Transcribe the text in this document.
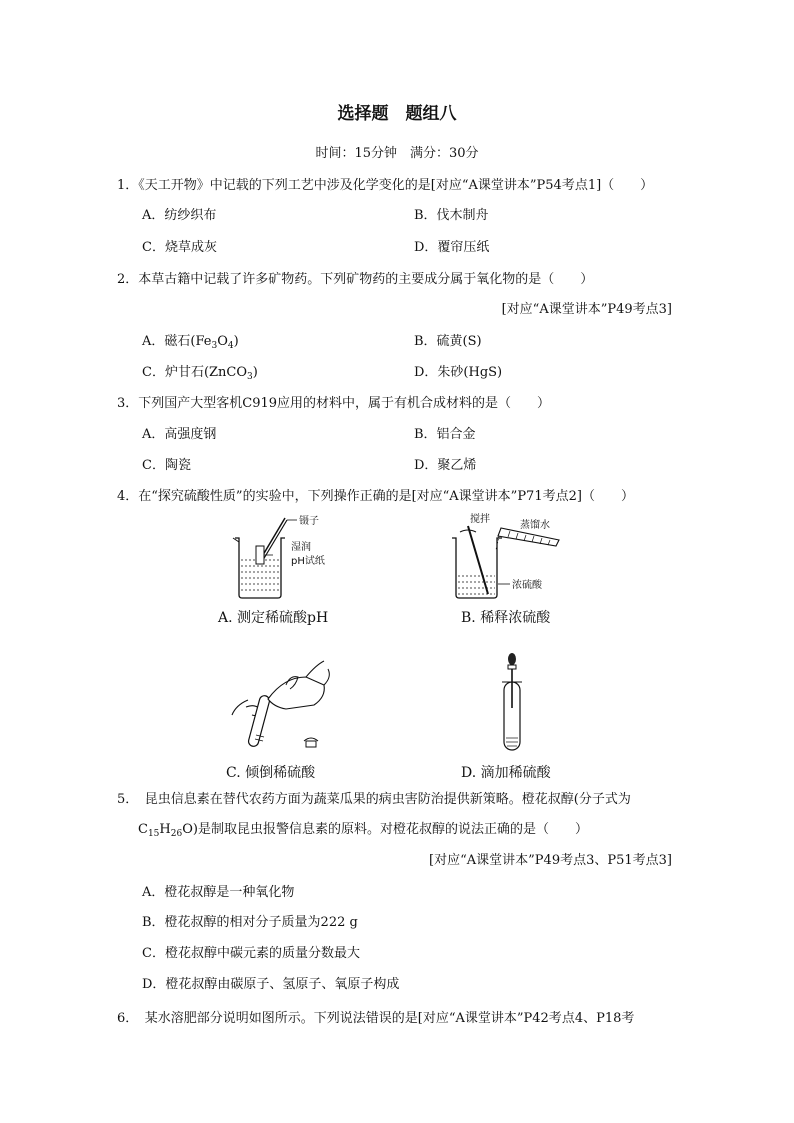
选择题　题组八
时间：15分钟　满分：30分
1．《天工开物》中记载的下列工艺中涉及化学变化的是[对应“A课堂讲本”P54考点1]（　　）
A．纺纱织布	B．伐木制舟
C．烧草成灰	D．覆帘压纸
2．本草古籍中记载了许多矿物药。下列矿物药的主要成分属于氧化物的是（　　）
[对应“A课堂讲本”P49考点3]
A．磁石$(Fe_3O_4)$	B．硫黄(S)
C．炉甘石(ZnCO$_3$)	D．朱砂(HgS)
3．下列国产大型客机C919应用的材料中，属于有机合成材料的是（　　）
A．高强度钢	B．铝合金
C．陶瓷	D．聚乙烯
4．在“探究硫酸性质”的实验中，下列操作正确的是[对应“A课堂讲本”P71考点2]（　　）
镊子
湿润
pH试纸
A. 测定稀硫酸pH
搅拌
蒸馏水
浓硫酸
B. 稀释浓硫酸
C. 倾倒稀硫酸	D. 滴加稀硫酸
5．　昆虫信息素在替代农药方面为蔬菜瓜果的病虫害防治提供新策略。橙花叔醇(分子式为
$C_{15}H_{26}O$)是制取昆虫报警信息素的原料。对橙花叔醇的说法正确的是（　　）
[对应“A课堂讲本”P49考点3、P51考点3]
A．橙花叔醇是一种氧化物
B．橙花叔醇的相对分子质量为222 g
C．橙花叔醇中碳元素的质量分数最大
D．橙花叔醇由碳原子、氢原子、氧原子构成
6．　某水溶肥部分说明如图所示。下列说法错误的是[对应“A课堂讲本”P42考点4、P18考
